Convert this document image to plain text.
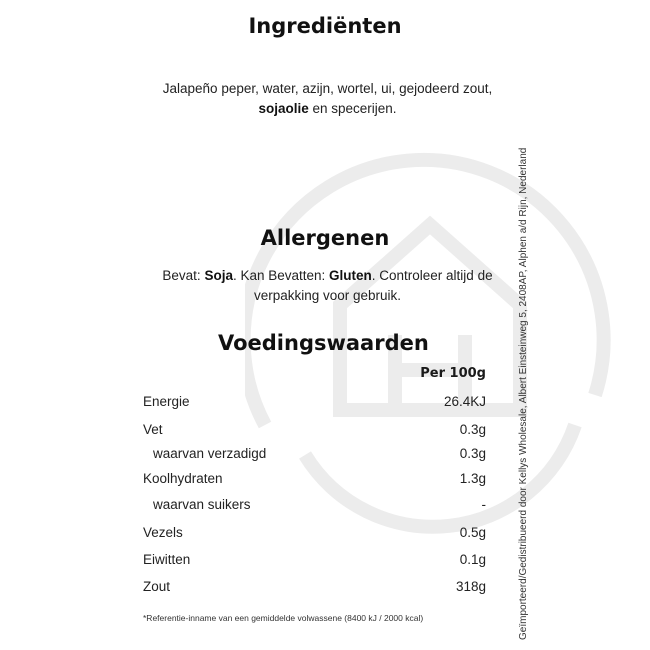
Ingrediënten
Jalapeño peper, water, azijn, wortel, ui, gejodeerd zout,
sojaolie en specerijen.
Allergenen
Bevat: Soja. Kan Bevatten: Gluten. Controleer altijd de
verpakking voor gebruik.
Voedingswaarden
Per 100g
Energie	26.4KJ
Vet	0.3g
waarvan verzadigd	0.3g
Koolhydraten	1.3g
waarvan suikers	-
Vezels	0.5g
Eiwitten	0.1g
Zout	318g
*Referentie-inname van een gemiddelde volwassene (8400 kJ / 2000 kcal)	Geïmporteerd/Gedistribueerd door Kellys Wholesale, Albert Einsteinweg 5, 2408AP, Alphen a/d Rijn, Nederland
